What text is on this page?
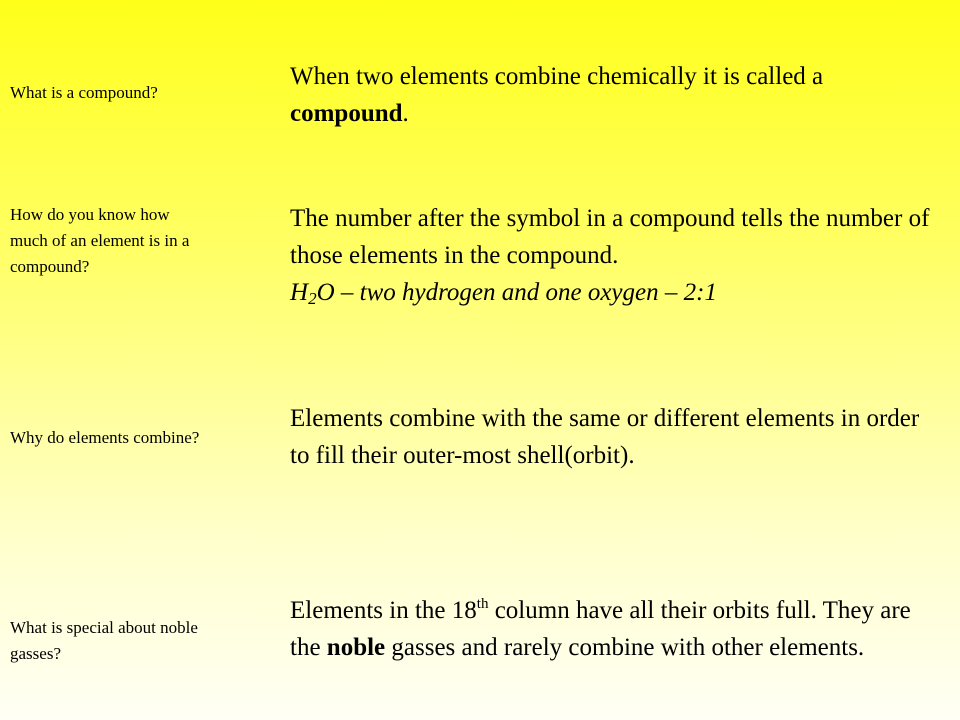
What is a compound?
When two elements combine chemically it is called a compound.
How do you know how much of an element is in a compound?
The number after the symbol in a compound tells the number of those elements in the compound.
$H_2O$ – two hydrogen and one oxygen – 2:1
Why do elements combine?
Elements combine with the same or different elements in order to fill their outer-most shell(orbit).
What is special about noble gasses?
Elements in the 18th column have all their orbits full. They are the noble gasses and rarely combine with other elements.
